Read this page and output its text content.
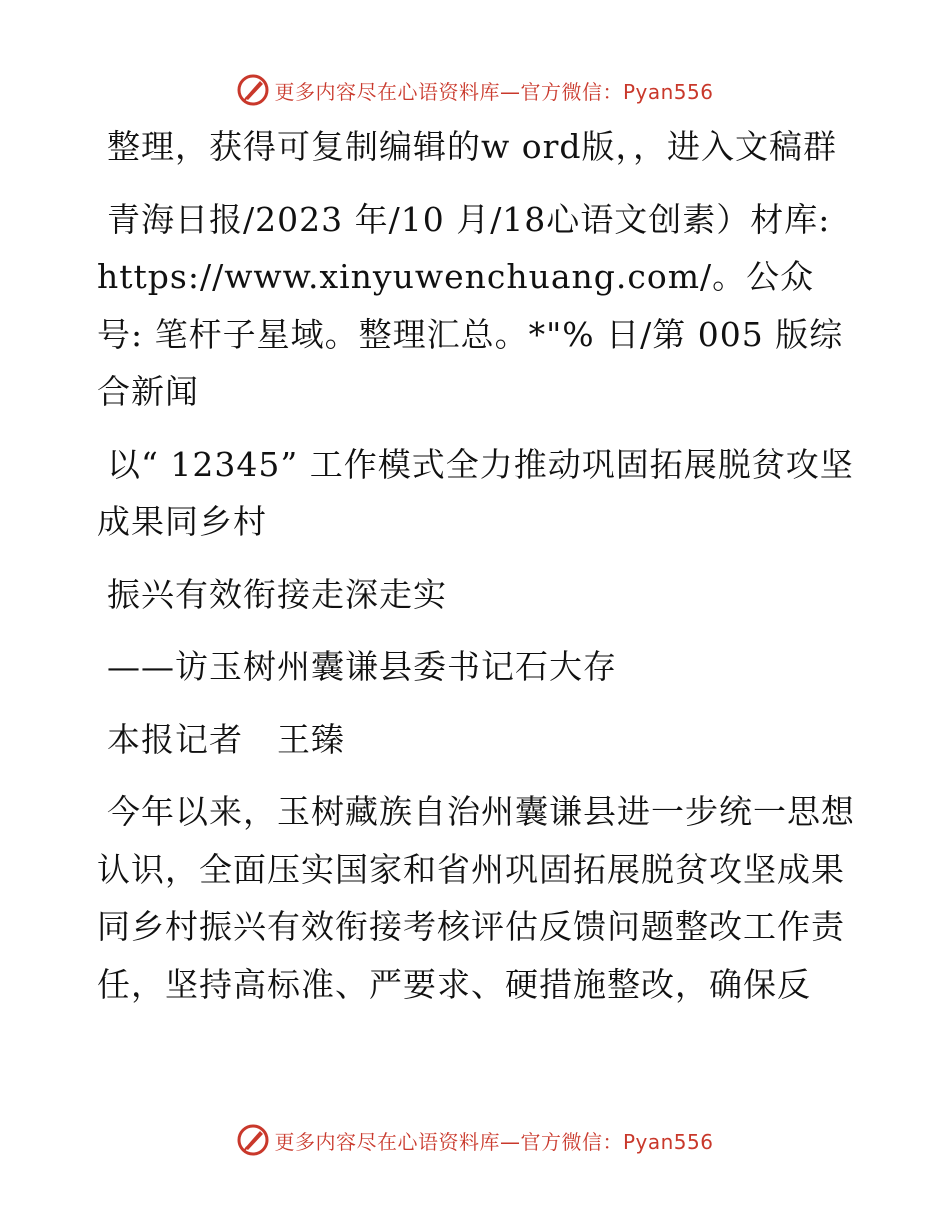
更多内容尽在心语资料库—官方微信：Pyan556

整理，获得可复制编辑的w ord版，，进入文稿群

青海日报/2023 年/10 月/18心语文创素）材库: https://www.xinyuwenchuang.com/。公众号: 笔杆子星域。整理汇总。*"% 日/第 005 版综合新闻

以“ 12345” 工作模式全力推动巩固拓展脱贫攻坚成果同乡村

振兴有效衔接走深走实

——访玉树州囊谦县委书记石大存

本报记者　王臻

今年以来，玉树藏族自治州囊谦县进一步统一思想认识，全面压实国家和省州巩固拓展脱贫攻坚成果同乡村振兴有效衔接考核评估反馈问题整改工作责任，坚持高标准、严要求、硬措施整改，确保反

更多内容尽在心语资料库—官方微信：Pyan556
